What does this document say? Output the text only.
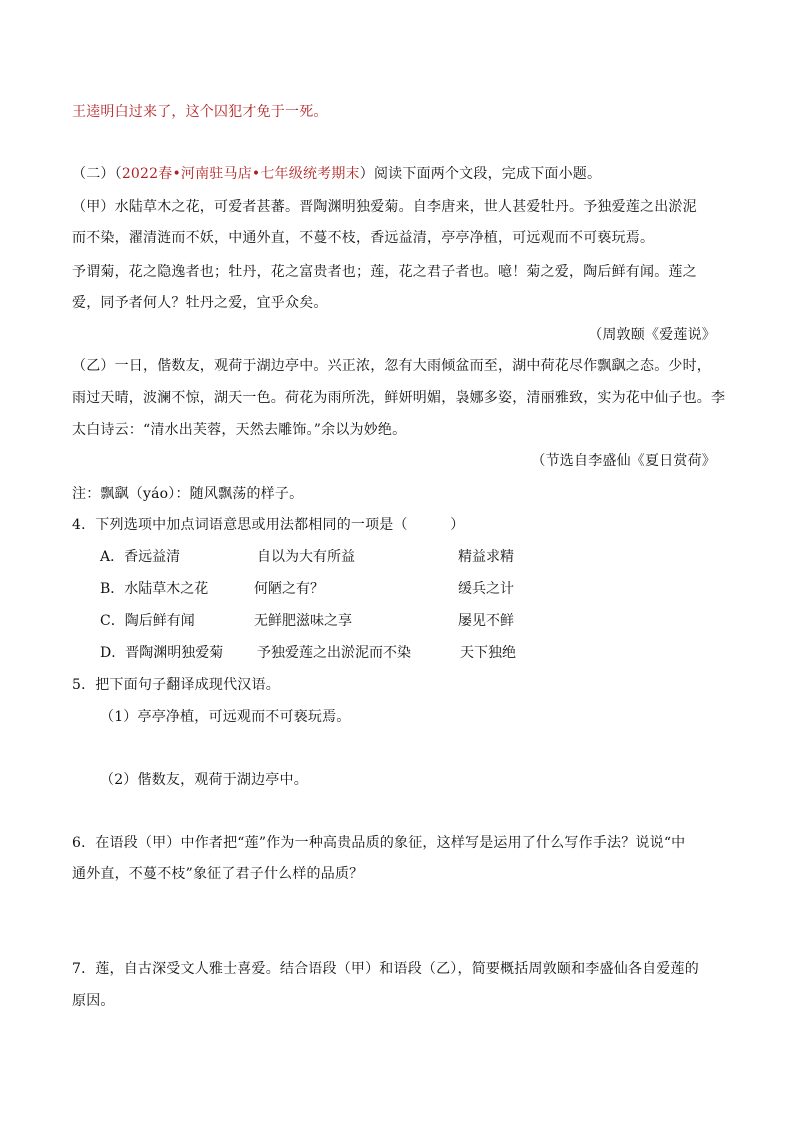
王逵明白过来了，这个囚犯才免于一死。
（二）（2022春•河南驻马店•七年级统考期末）阅读下面两个文段，完成下面小题。
（甲）水陆草木之花，可爱者甚蕃。晋陶渊明独爱菊。自李唐来，世人甚爱牡丹。予独爱莲之出淤泥
而不染，濯清涟而不妖，中通外直，不蔓不枝，香远益清，亭亭净植，可远观而不可亵玩焉。
予谓菊，花之隐逸者也；牡丹，花之富贵者也；莲，花之君子者也。噫！菊之爱，陶后鲜有闻。莲之
爱，同予者何人？牡丹之爱，宜乎众矣。
（周敦颐《爱莲说》
（乙）一日，偕数友，观荷于湖边亭中。兴正浓，忽有大雨倾盆而至，湖中荷花尽作飘飖之态。少时，
雨过天晴，波澜不惊，湖天一色。荷花为雨所洗，鲜妍明媚，袅娜多姿，清丽雅致，实为花中仙子也。李
太白诗云：“清水出芙蓉，天然去雕饰。”余以为妙绝。
（节选自李盛仙《夏日赏荷》
注：飘飖（yáo）：随风飘荡的样子。
4．下列选项中加点词语意思或用法都相同的一项是（　　　）
A．香远益清	自以为大有所益	精益求精
B．水陆草木之花	何陋之有？	缓兵之计
C．陶后鲜有闻	无鲜肥滋味之享	屡见不鲜
D．晋陶渊明独爱菊 予独爱莲之出淤泥而不染	天下独绝
5．把下面句子翻译成现代汉语。
（1）亭亭净植，可远观而不可亵玩焉。
（2）偕数友，观荷于湖边亭中。
6．在语段（甲）中作者把“莲”作为一种高贵品质的象征，这样写是运用了什么写作手法？说说“中
通外直，不蔓不枝”象征了君子什么样的品质？
7．莲，自古深受文人雅士喜爱。结合语段（甲）和语段（乙），简要概括周敦颐和李盛仙各自爱莲的
原因。
